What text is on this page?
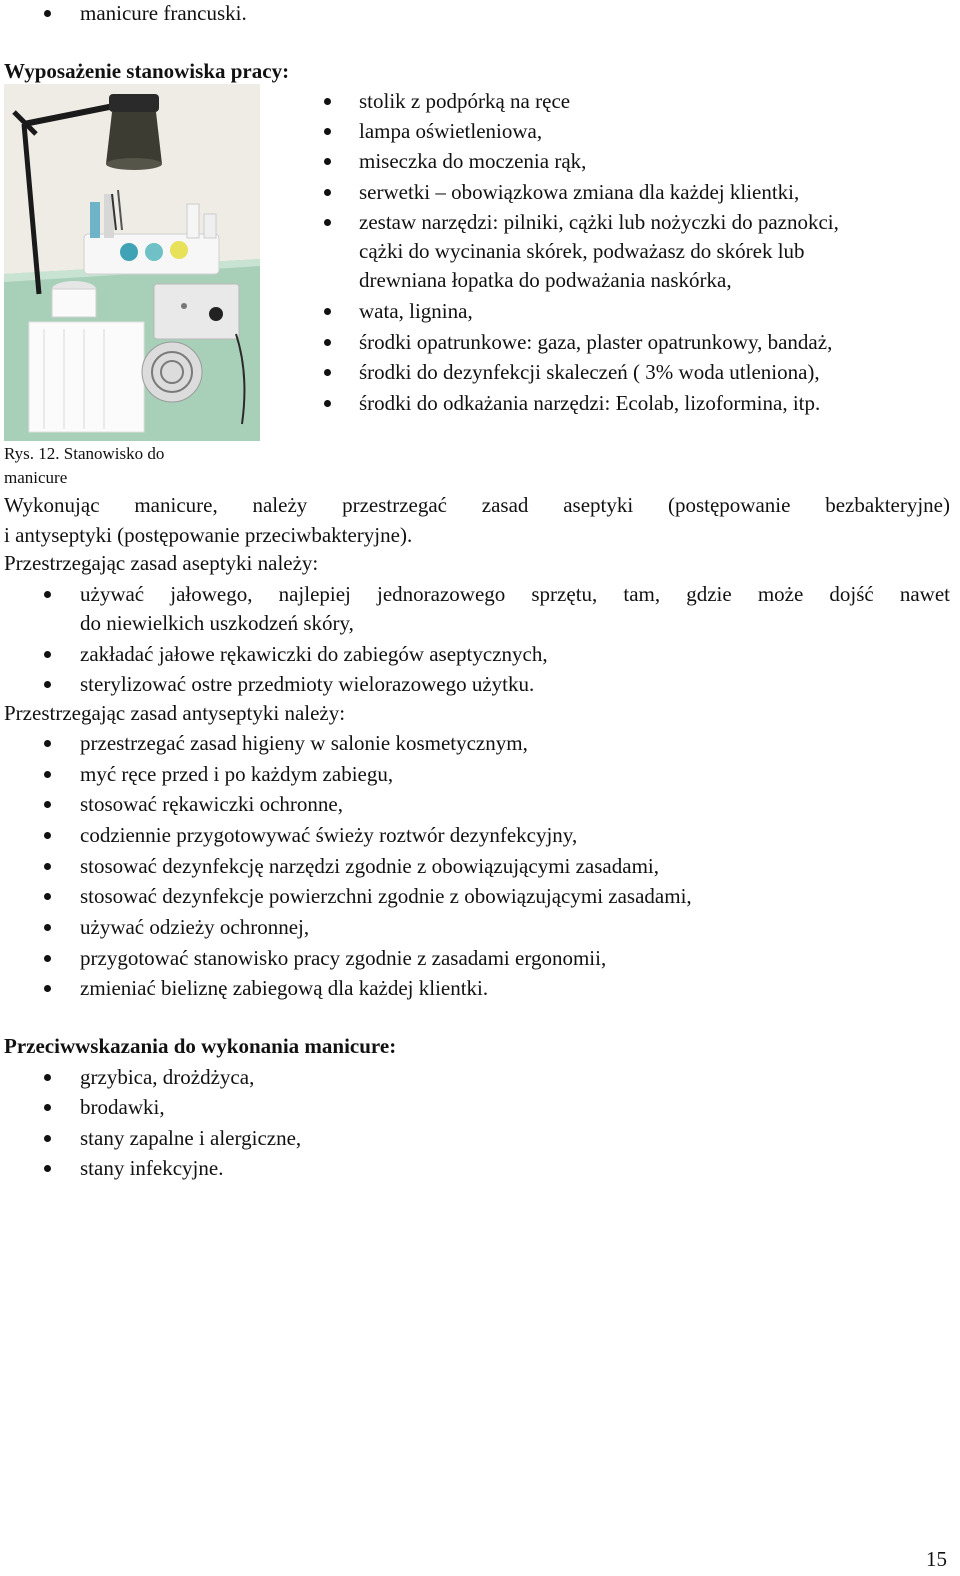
manicure francuski.
Wyposażenie stanowiska pracy:
stolik z podpórką na ręce
lampa oświetleniowa,
miseczka do moczenia rąk,
serwetki – obowiązkowa zmiana dla każdej klientki,
zestaw narzędzi: pilniki, cążki lub nożyczki do paznokci,
cążki do wycinania skórek, podważasz do skórek lub
drewniana łopatka do podważania naskórka,
wata, lignina,
środki opatrunkowe: gaza, plaster opatrunkowy, bandaż,
środki do dezynfekcji skaleczeń ( 3% woda utleniona),
środki do odkażania narzędzi: Ecolab, lizoformina, itp.
Rys. 12. Stanowisko do
manicure
Wykonując manicure, należy przestrzegać zasad aseptyki (postępowanie bezbakteryjne)
i antyseptyki (postępowanie przeciwbakteryjne).
Przestrzegając zasad aseptyki należy:
używać jałowego, najlepiej jednorazowego sprzętu, tam, gdzie może dojść nawet
do niewielkich uszkodzeń skóry,
zakładać jałowe rękawiczki do zabiegów aseptycznych,
sterylizować ostre przedmioty wielorazowego użytku.
Przestrzegając zasad antyseptyki należy:
przestrzegać zasad higieny w salonie kosmetycznym,
myć ręce przed i po każdym zabiegu,
stosować rękawiczki ochronne,
codziennie przygotowywać świeży roztwór dezynfekcyjny,
stosować dezynfekcję narzędzi zgodnie z obowiązującymi zasadami,
stosować dezynfekcje powierzchni zgodnie z obowiązującymi zasadami,
używać odzieży ochronnej,
przygotować stanowisko pracy zgodnie z zasadami ergonomii,
zmieniać bieliznę zabiegową dla każdej klientki.
Przeciwwskazania do wykonania manicure:
grzybica, drożdżyca,
brodawki,
stany zapalne i alergiczne,
stany infekcyjne.
15
